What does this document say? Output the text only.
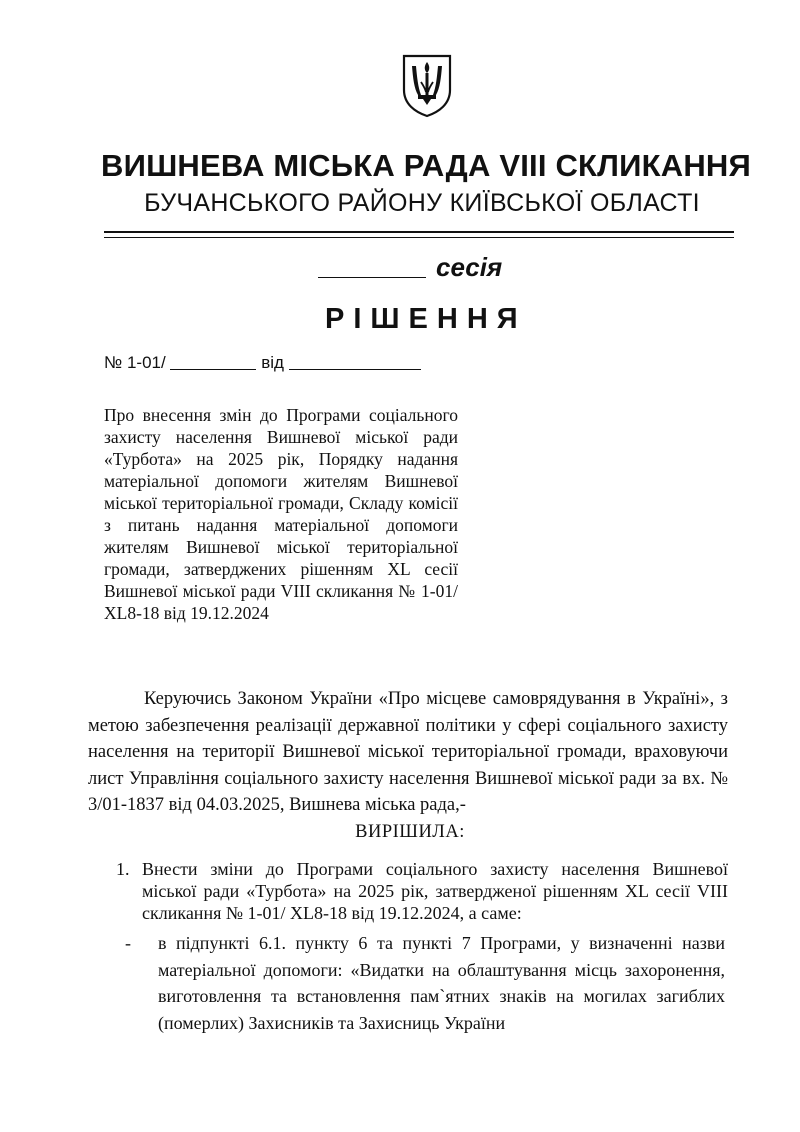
ВИШНЕВА МІСЬКА РАДА VIII СКЛИКАННЯ
БУЧАНСЬКОГО РАЙОНУ КИЇВСЬКОЇ ОБЛАСТІ
сесія
РІШЕННЯ
№ 1-01/	від
Про внесення змін до Програми соціального захисту населення Вишневої міської ради «Турбота» на 2025 рік, Порядку надання матеріальної допомоги жителям Вишневої міської територіальної громади, Складу комісії з питань надання матеріальної допомоги жителям Вишневої міської територіальної громади, затверджених рішенням XL сесії Вишневої міської ради VIII скликання № 1-01/ XL8-18 від 19.12.2024
Керуючись Законом України «Про місцеве самоврядування в Україні», з метою забезпечення реалізації державної політики у сфері соціального захисту населення на території Вишневої міської територіальної громади, враховуючи лист Управління соціального захисту населення Вишневої міської ради за вх. № 3/01-1837 від 04.03.2025, Вишнева міська рада,-
ВИРІШИЛА:
1. Внести зміни до Програми соціального захисту населення Вишневої міської ради «Турбота» на 2025 рік, затвердженої рішенням XL сесії VIII скликання № 1-01/ XL8-18 від 19.12.2024, а саме:
- в підпункті 6.1. пункту 6 та пункті 7 Програми, у визначенні назви матеріальної допомоги: «Видатки на облаштування місць захоронення, виготовлення та встановлення пам`ятних знаків на могилах загиблих (померлих) Захисників та Захисниць України
